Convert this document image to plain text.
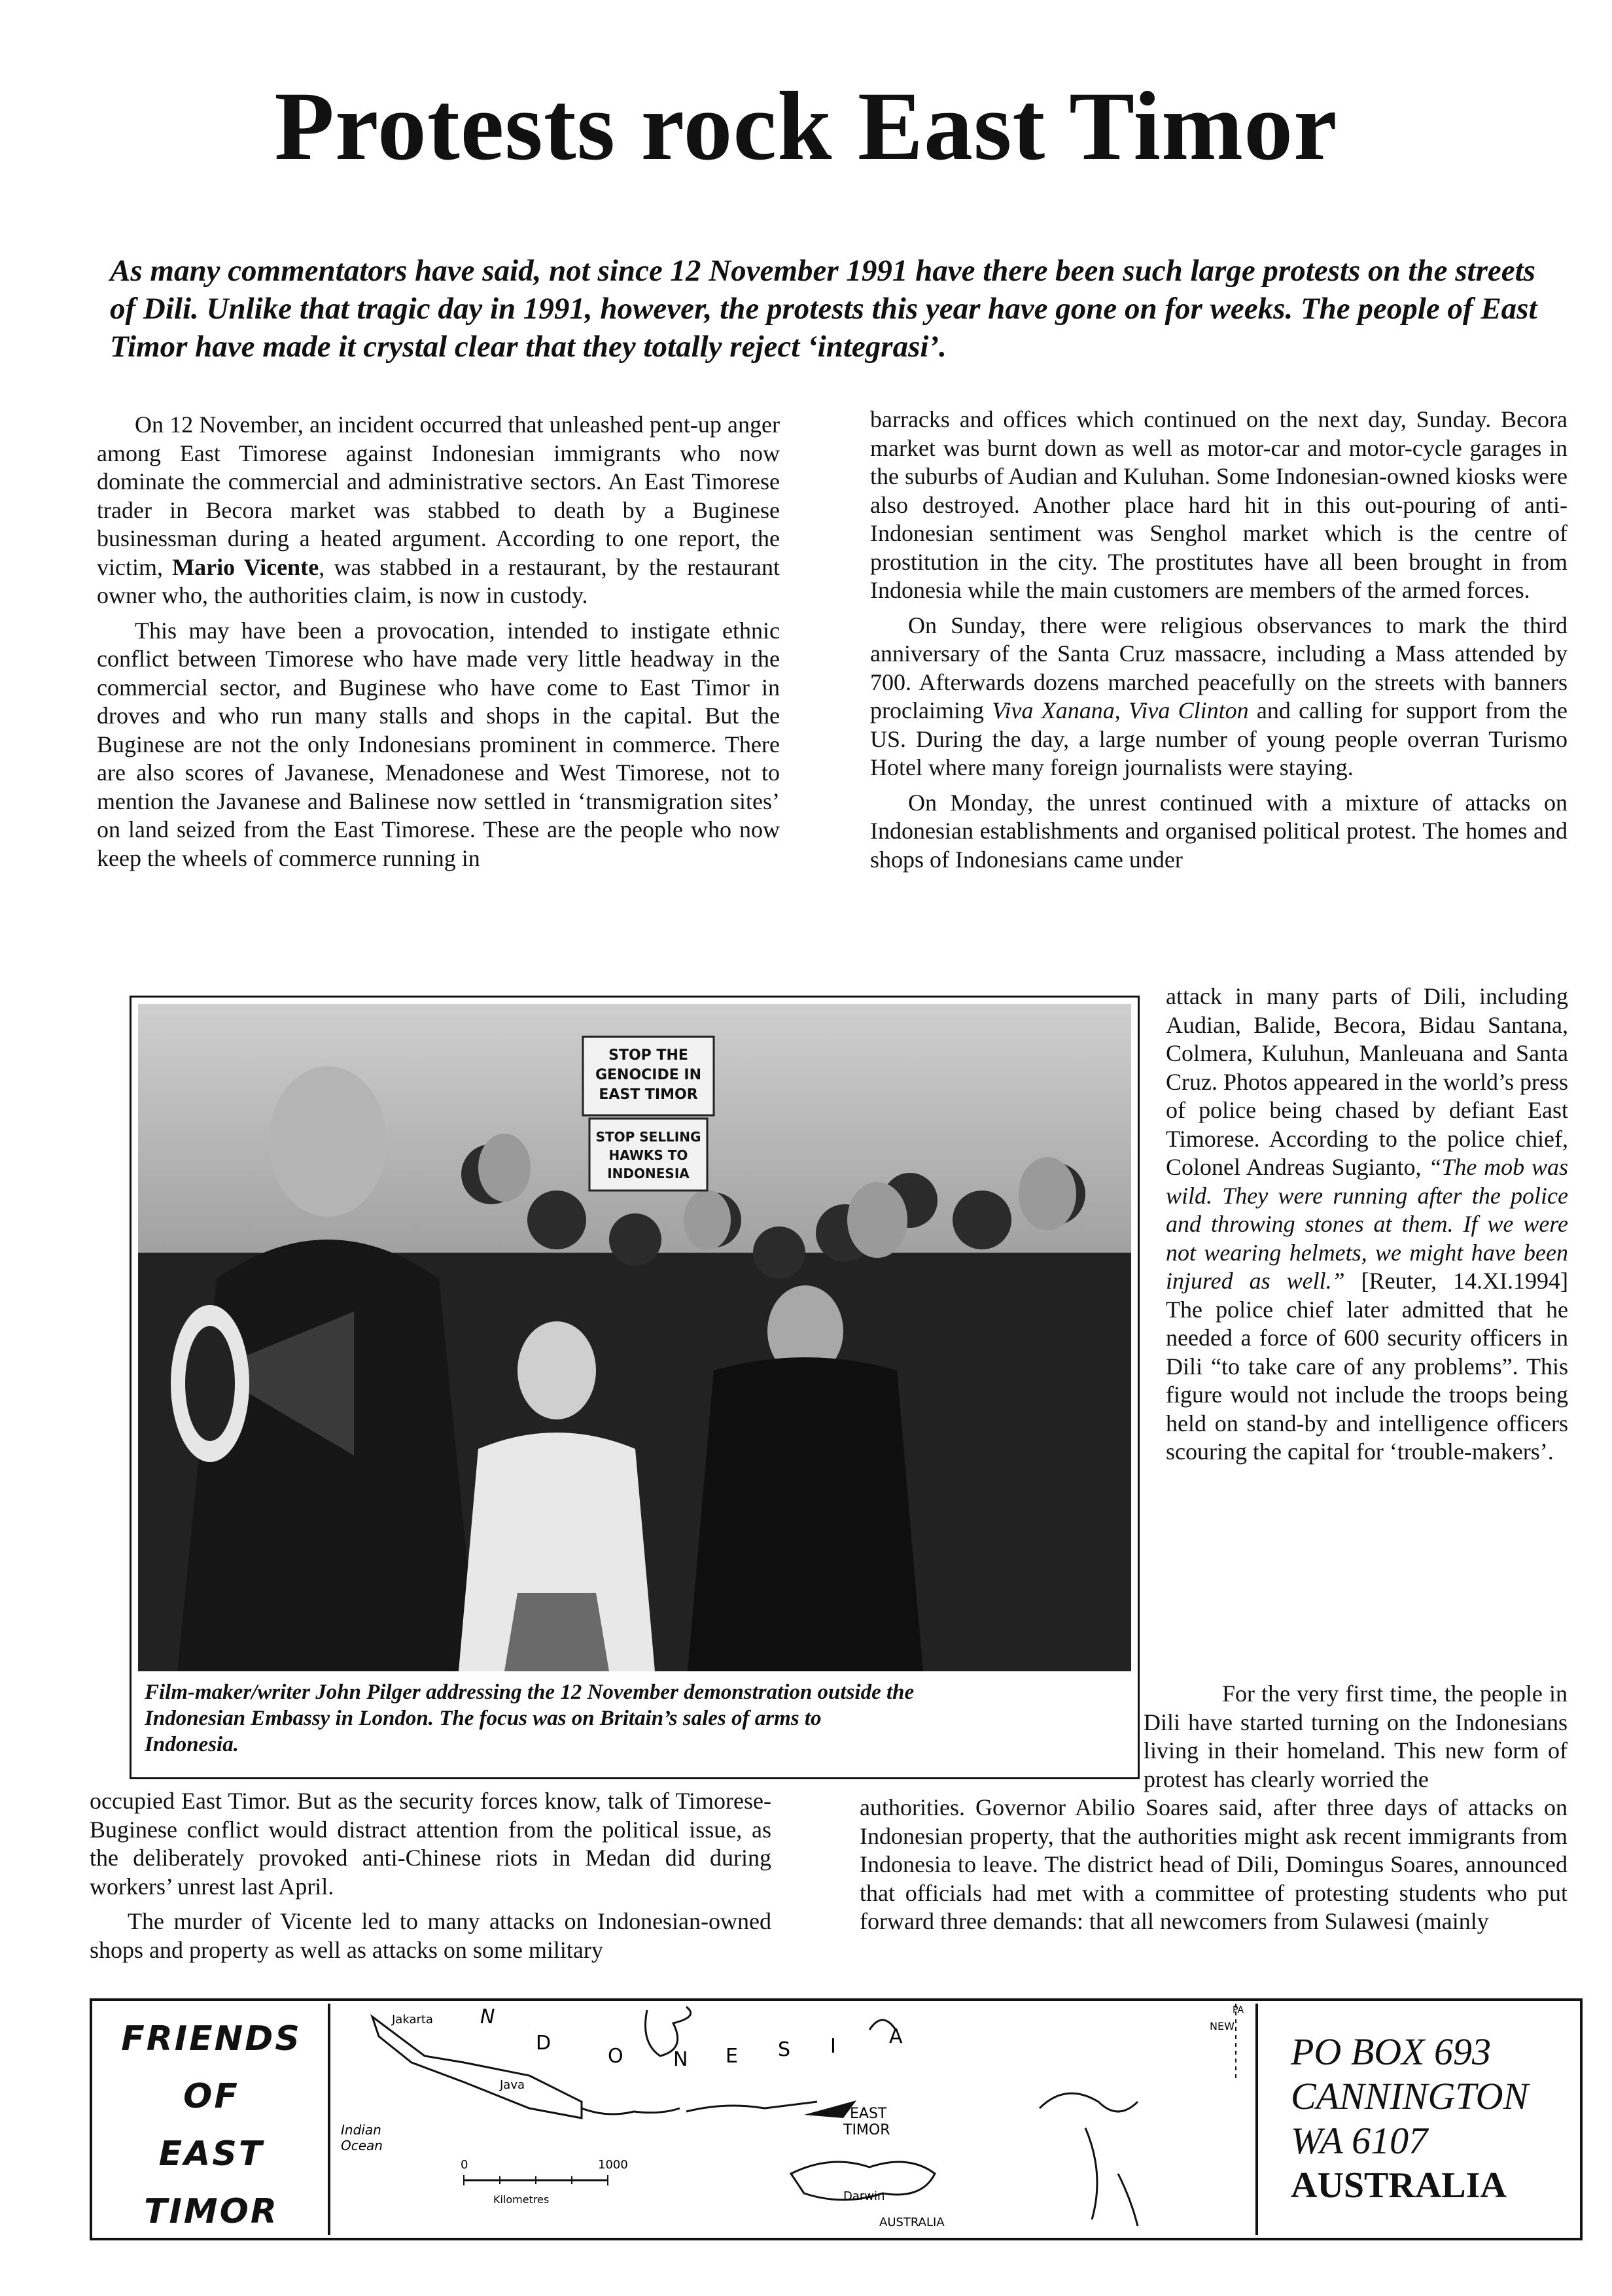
Protests rock East Timor
As many commentators have said, not since 12 November 1991 have there been such large protests on the streets of Dili. Unlike that tragic day in 1991, however, the protests this year have gone on for weeks. The people of East Timor have made it crystal clear that they totally reject ‘integrasi’.

On 12 November, an incident occurred that unleashed pent-up anger among East Timorese against Indonesian immigrants who now dominate the commercial and administrative sectors. An East Timorese trader in Becora market was stabbed to death by a Buginese businessman during a heated argument. According to one report, the victim, Mario Vicente, was stabbed in a restaurant, by the restaurant owner who, the authorities claim, is now in custody.

This may have been a provocation, intended to instigate ethnic conflict between Timorese who have made very little headway in the commercial sector, and Buginese who have come to East Timor in droves and who run many stalls and shops in the capital. But the Buginese are not the only Indonesians prominent in commerce. There are also scores of Javanese, Menadonese and West Timorese, not to mention the Javanese and Balinese now settled in ‘transmigration sites’ on land seized from the East Timorese. These are the people who now keep the wheels of commerce running in

barracks and offices which continued on the next day, Sunday. Becora market was burnt down as well as motor-car and motor-cycle garages in the suburbs of Audian and Kuluhan. Some Indonesian-owned kiosks were also destroyed. Another place hard hit in this out-pouring of anti-Indonesian sentiment was Senghol market which is the centre of prostitution in the city. The prostitutes have all been brought in from Indonesia while the main customers are members of the armed forces.

On Sunday, there were religious observances to mark the third anniversary of the Santa Cruz massacre, including a Mass attended by 700. Afterwards dozens marched peacefully on the streets with banners proclaiming Viva Xanana, Viva Clinton and calling for support from the US. During the day, a large number of young people overran Turismo Hotel where many foreign journalists were staying.

On Monday, the unrest continued with a mixture of attacks on Indonesian establishments and organised political protest. The homes and shops of Indonesians came under

attack in many parts of Dili, including Audian, Balide, Becora, Bidau Santana, Colmera, Kuluhun, Manleuana and Santa Cruz. Photos appeared in the world’s press of police being chased by defiant East Timorese. According to the police chief, Colonel Andreas Sugianto, “The mob was wild. They were running after the police and throwing stones at them. If we were not wearing helmets, we might have been injured as well.” [Reuter, 14.XI.1994] The police chief later admitted that he needed a force of 600 security officers in Dili “to take care of any problems”. This figure would not include the troops being held on stand-by and intelligence officers scouring the capital for ‘trouble-makers’.

For the very first time, the people in Dili have started turning on the Indonesians living in their homeland. This new form of protest has clearly worried the

STOP THE
GENOCIDE IN
EAST TIMOR
STOP SELLING
HAWKS TO
INDONESIA
Film-maker/writer John Pilger addressing the 12 November demonstration outside the Indonesian Embassy in London. The focus was on Britain’s sales of arms to Indonesia.

occupied East Timor. But as the security forces know, talk of Timorese-Buginese conflict would distract attention from the political issue, as the deliberately provoked anti-Chinese riots in Medan did during workers’ unrest last April.

The murder of Vicente led to many attacks on Indonesian-owned shops and property as well as attacks on some military

authorities. Governor Abilio Soares said, after three days of attacks on Indonesian property, that the authorities might ask recent immigrants from Indonesia to leave. The district head of Dili, Domingus Soares, announced that officials had met with a committee of protesting students who put forward three demands: that all newcomers from Sulawesi (mainly

FRIENDS
OF
EAST
TIMOR
Jakarta
Java
N
D
O	N E S I	A
EAST
TIMOR
Indian
Ocean
0	1000
Kilometres	Darwin
AUSTRALIA
NEW
PA
PO BOX 693
CANNINGTON
WA 6107
AUSTRALIA
